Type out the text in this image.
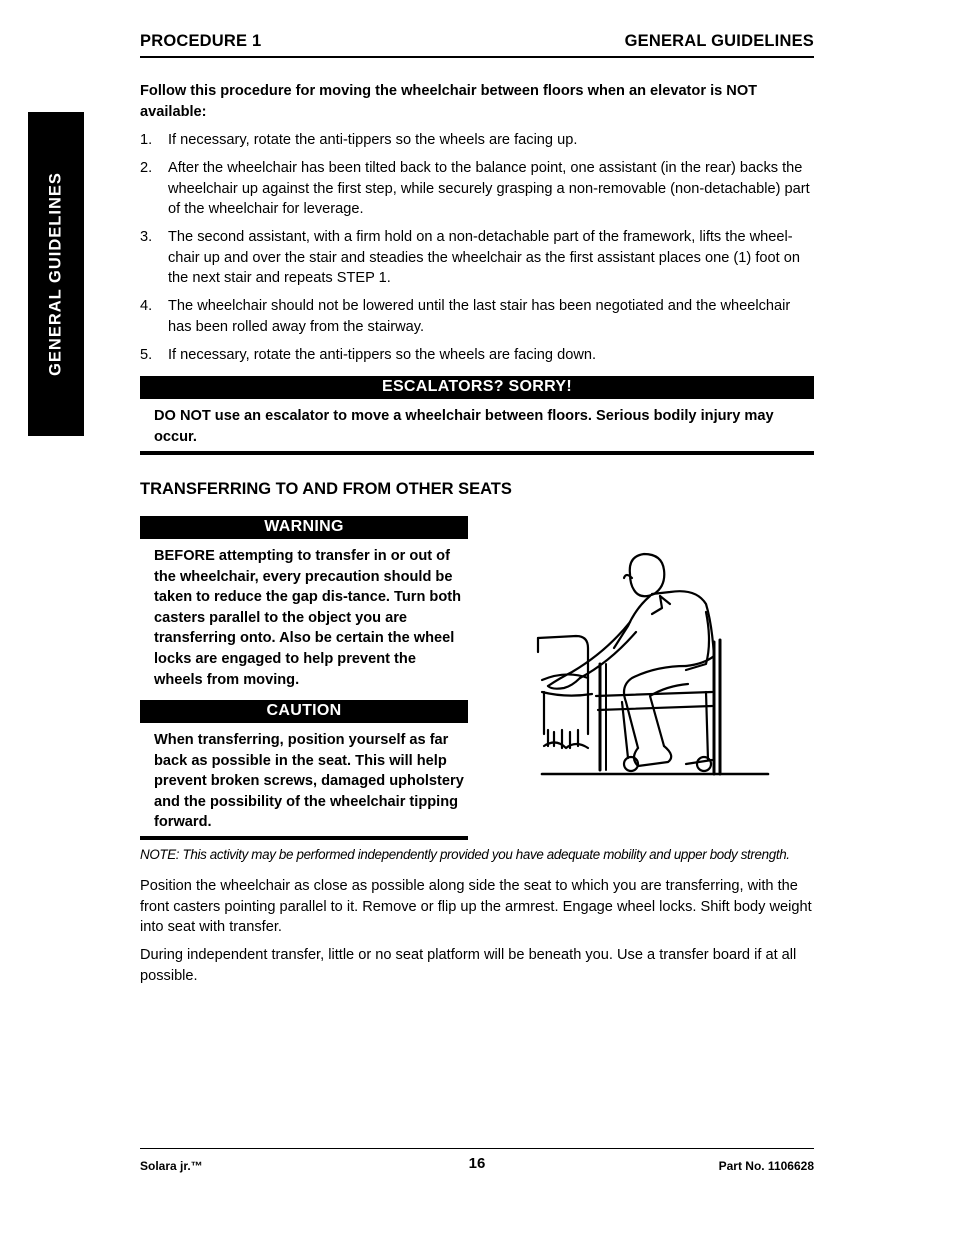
PROCEDURE 1	GENERAL GUIDELINES
GENERAL GUIDELINES
Follow this procedure for moving the wheelchair between floors when an elevator is NOT available:
1. If necessary, rotate the anti-tippers so the wheels are facing up.
2. After the wheelchair has been tilted back to the balance point, one assistant (in the rear) backs the wheelchair up against the first step, while securely grasping a non-removable (non-detachable) part of the wheelchair for leverage.
3. The second assistant, with a firm hold on a non-detachable part of the framework, lifts the wheel-chair up and over the stair and steadies the wheelchair as the first assistant places one (1) foot on the next stair and repeats STEP 1.
4. The wheelchair should not be lowered until the last stair has been negotiated and the wheelchair has been rolled away from the stairway.
5. If necessary, rotate the anti-tippers so the wheels are facing down.
ESCALATORS? SORRY!
DO NOT use an escalator to move a wheelchair between floors. Serious bodily injury may occur.
TRANSFERRING TO AND FROM OTHER SEATS
WARNING
BEFORE attempting to transfer in or out of the wheelchair, every precaution should be taken to reduce the gap dis-tance. Turn both casters parallel to the object you are transferring onto. Also be certain the wheel locks are engaged to help prevent the wheels from moving.
CAUTION
When transferring, position yourself as far back as possible in the seat. This will help prevent broken screws, damaged upholstery and the possibility of the wheelchair tipping forward.
NOTE: This activity may be performed independently provided you have adequate mobility and upper body strength.
Position the wheelchair as close as possible along side the seat to which you are transferring, with the front casters pointing parallel to it. Remove or flip up the armrest. Engage wheel locks. Shift body weight into seat with transfer.
During independent transfer, little or no seat platform will be beneath you. Use a transfer board if at all possible.
Solara jr.™	16	Part No. 1106628
